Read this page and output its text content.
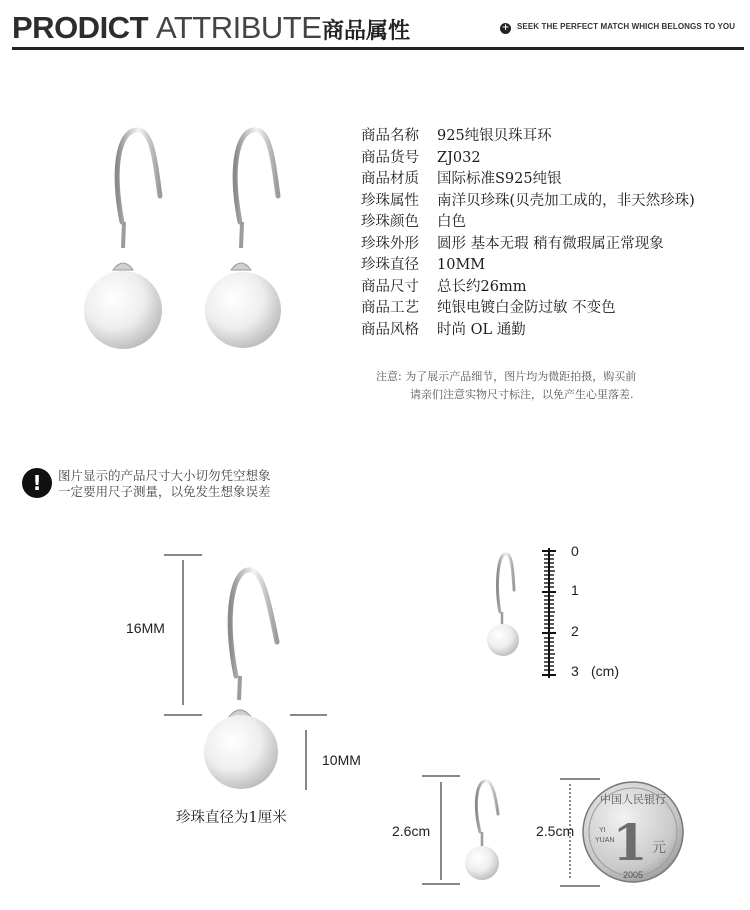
PRODICT ATTRIBUTE 商品属性	+ SEEK THE PERFECT MATCH WHICH BELONGS TO YOU
中国人民银行
1 元
YI
YUAN
2005
商品名称 925纯银贝珠耳环
商品货号 ZJ032
商品材质 国际标准S925纯银
珍珠属性 南洋贝珍珠(贝壳加工成的，非天然珍珠)
珍珠颜色 白色
珍珠外形 圆形 基本无瑕 稍有微瑕属正常现象
珍珠直径 10MM
商品尺寸 总长约26mm
商品工艺 纯银电镀白金防过敏 不变色
商品风格 时尚 OL 通勤
注意: 为了展示产品细节，图片均为微距拍摄，购买前
请亲们注意实物尺寸标注，以免产生心里落差.
!	图片显示的产品尺寸大小切勿凭空想象
一定要用尺子测量，以免发生想象误差
16MM
10MM
珍珠直径为1厘米
0
1
2
3 (cm)
2.6cm	2.5cm
